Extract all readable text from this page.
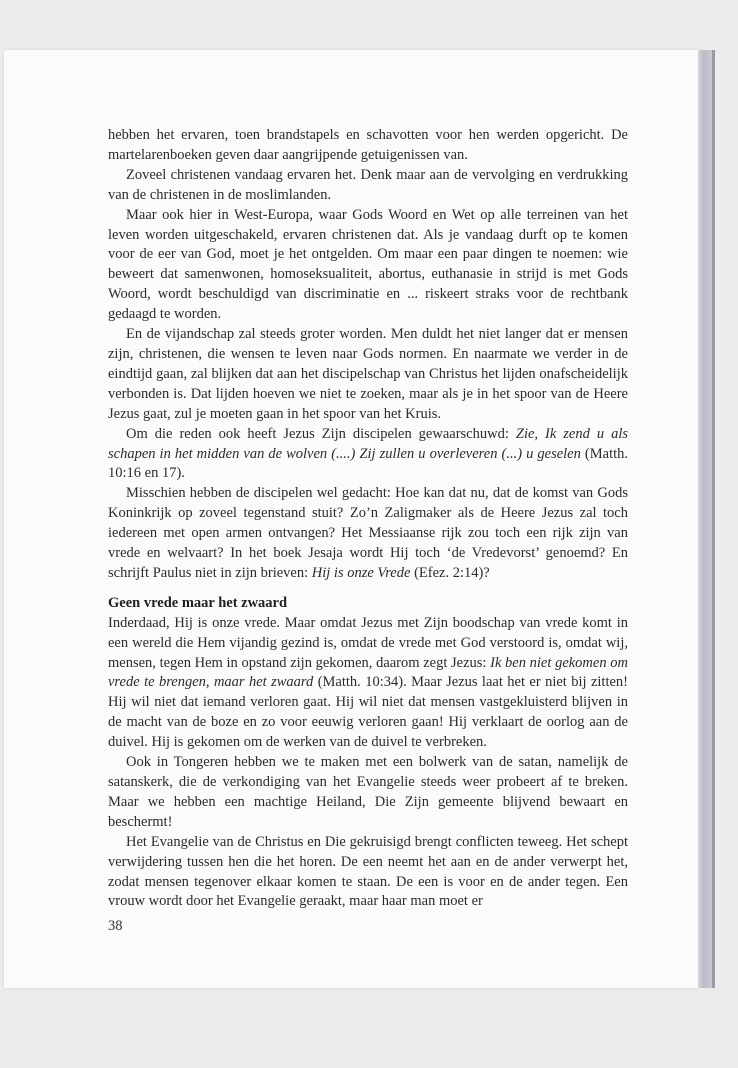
hebben het ervaren, toen brandstapels en schavotten voor hen werden opgericht. De martelarenboeken geven daar aangrijpende getuigenissen van.

Zoveel christenen vandaag ervaren het. Denk maar aan de vervolging en verdrukking van de christenen in de moslimlanden.

Maar ook hier in West-Europa, waar Gods Woord en Wet op alle terreinen van het leven worden uitgeschakeld, ervaren christenen dat. Als je vandaag durft op te komen voor de eer van God, moet je het ontgelden. Om maar een paar dingen te noemen: wie beweert dat samenwonen, homoseksualiteit, abortus, euthanasie in strijd is met Gods Woord, wordt beschuldigd van discriminatie en ... riskeert straks voor de rechtbank gedaagd te worden.

En de vijandschap zal steeds groter worden. Men duldt het niet langer dat er mensen zijn, christenen, die wensen te leven naar Gods normen. En naarmate we verder in de eindtijd gaan, zal blijken dat aan het discipelschap van Christus het lijden onafscheidelijk verbonden is. Dat lijden hoeven we niet te zoeken, maar als je in het spoor van de Heere Jezus gaat, zul je moeten gaan in het spoor van het Kruis.

Om die reden ook heeft Jezus Zijn discipelen gewaarschuwd: Zie, Ik zend u als schapen in het midden van de wolven (....) Zij zullen u overleveren (...) u geselen (Matth. 10:16 en 17).

Misschien hebben de discipelen wel gedacht: Hoe kan dat nu, dat de komst van Gods Koninkrijk op zoveel tegenstand stuit? Zo’n Zaligmaker als de Heere Jezus zal toch iedereen met open armen ontvangen? Het Messiaanse rijk zou toch een rijk zijn van vrede en welvaart? In het boek Jesaja wordt Hij toch ‘de Vredevorst’ genoemd? En schrijft Paulus niet in zijn brieven: Hij is onze Vrede (Efez. 2:14)?

Geen vrede maar het zwaard

Inderdaad, Hij is onze vrede. Maar omdat Jezus met Zijn boodschap van vrede komt in een wereld die Hem vijandig gezind is, omdat de vrede met God verstoord is, omdat wij, mensen, tegen Hem in opstand zijn gekomen, daarom zegt Jezus: Ik ben niet gekomen om vrede te brengen, maar het zwaard (Matth. 10:34). Maar Jezus laat het er niet bij zitten! Hij wil niet dat iemand verloren gaat. Hij wil niet dat mensen vastgekluisterd blijven in de macht van de boze en zo voor eeuwig verloren gaan! Hij verklaart de oorlog aan de duivel. Hij is gekomen om de werken van de duivel te verbreken.

Ook in Tongeren hebben we te maken met een bolwerk van de satan, namelijk de satanskerk, die de verkondiging van het Evangelie steeds weer probeert af te breken. Maar we hebben een machtige Heiland, Die Zijn gemeente blijvend bewaart en beschermt!

Het Evangelie van de Christus en Die gekruisigd brengt conflicten teweeg. Het schept verwijdering tussen hen die het horen. De een neemt het aan en de ander verwerpt het, zodat mensen tegenover elkaar komen te staan. De een is voor en de ander tegen. Een vrouw wordt door het Evangelie geraakt, maar haar man moet er

38
